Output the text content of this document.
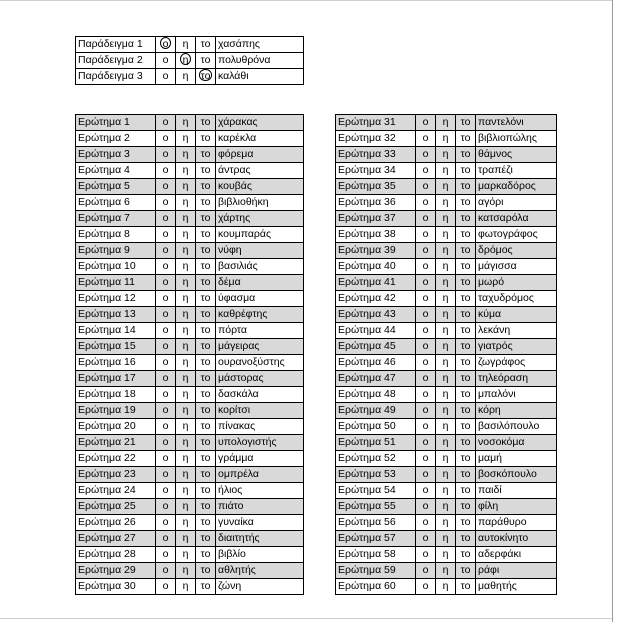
Παράδειγμα 1	ο	η	το	χασάπης
Παράδειγμα 2	ο	η	το	πολυθρόνα
Παράδειγμα 3	ο	η	το	καλάθι
Ερώτημα 1	ο	η	το	χάρακας
Ερώτημα 2	ο	η	το	καρέκλα
Ερώτημα 3	ο	η	το	φόρεμα
Ερώτημα 4	ο	η	το	άντρας
Ερώτημα 5	ο	η	το	κουβάς
Ερώτημα 6	ο	η	το	βιβλιοθήκη
Ερώτημα 7	ο	η	το	χάρτης
Ερώτημα 8	ο	η	το	κουμπαράς
Ερώτημα 9	ο	η	το	νύφη
Ερώτημα 10	ο	η	το	βασιλιάς
Ερώτημα 11	ο	η	το	δέμα
Ερώτημα 12	ο	η	το	ύφασμα
Ερώτημα 13	ο	η	το	καθρέφτης
Ερώτημα 14	ο	η	το	πόρτα
Ερώτημα 15	ο	η	το	μάγειρας
Ερώτημα 16	ο	η	το	ουρανοξύστης
Ερώτημα 17	ο	η	το	μάστορας
Ερώτημα 18	ο	η	το	δασκάλα
Ερώτημα 19	ο	η	το	κορίτσι
Ερώτημα 20	ο	η	το	πίνακας
Ερώτημα 21	ο	η	το	υπολογιστής
Ερώτημα 22	ο	η	το	γράμμα
Ερώτημα 23	ο	η	το	ομπρέλα
Ερώτημα 24	ο	η	το	ήλιος
Ερώτημα 25	ο	η	το	πιάτο
Ερώτημα 26	ο	η	το	γυναίκα
Ερώτημα 27	ο	η	το	διαιτητής
Ερώτημα 28	ο	η	το	βιβλίο
Ερώτημα 29	ο	η	το	αθλητής
Ερώτημα 30	ο	η	το	ζώνη
Ερώτημα 31	ο	η	το	παντελόνι
Ερώτημα 32	ο	η	το	βιβλιοπώλης
Ερώτημα 33	ο	η	το	θάμνος
Ερώτημα 34	ο	η	το	τραπέζι
Ερώτημα 35	ο	η	το	μαρκαδόρος
Ερώτημα 36	ο	η	το	αγόρι
Ερώτημα 37	ο	η	το	κατσαρόλα
Ερώτημα 38	ο	η	το	φωτογράφος
Ερώτημα 39	ο	η	το	δρόμος
Ερώτημα 40	ο	η	το	μάγισσα
Ερώτημα 41	ο	η	το	μωρό
Ερώτημα 42	ο	η	το	ταχυδρόμος
Ερώτημα 43	ο	η	το	κύμα
Ερώτημα 44	ο	η	το	λεκάνη
Ερώτημα 45	ο	η	το	γιατρός
Ερώτημα 46	ο	η	το	ζωγράφος
Ερώτημα 47	ο	η	το	τηλεόραση
Ερώτημα 48	ο	η	το	μπαλόνι
Ερώτημα 49	ο	η	το	κόρη
Ερώτημα 50	ο	η	το	βασιλόπουλο
Ερώτημα 51	ο	η	το	νοσοκόμα
Ερώτημα 52	ο	η	το	μαμή
Ερώτημα 53	ο	η	το	βοσκόπουλο
Ερώτημα 54	ο	η	το	παιδί
Ερώτημα 55	ο	η	το	φίλη
Ερώτημα 56	ο	η	το	παράθυρο
Ερώτημα 57	ο	η	το	αυτοκίνητο
Ερώτημα 58	ο	η	το	αδερφάκι
Ερώτημα 59	ο	η	το	ράφι
Ερώτημα 60	ο	η	το	μαθητής
